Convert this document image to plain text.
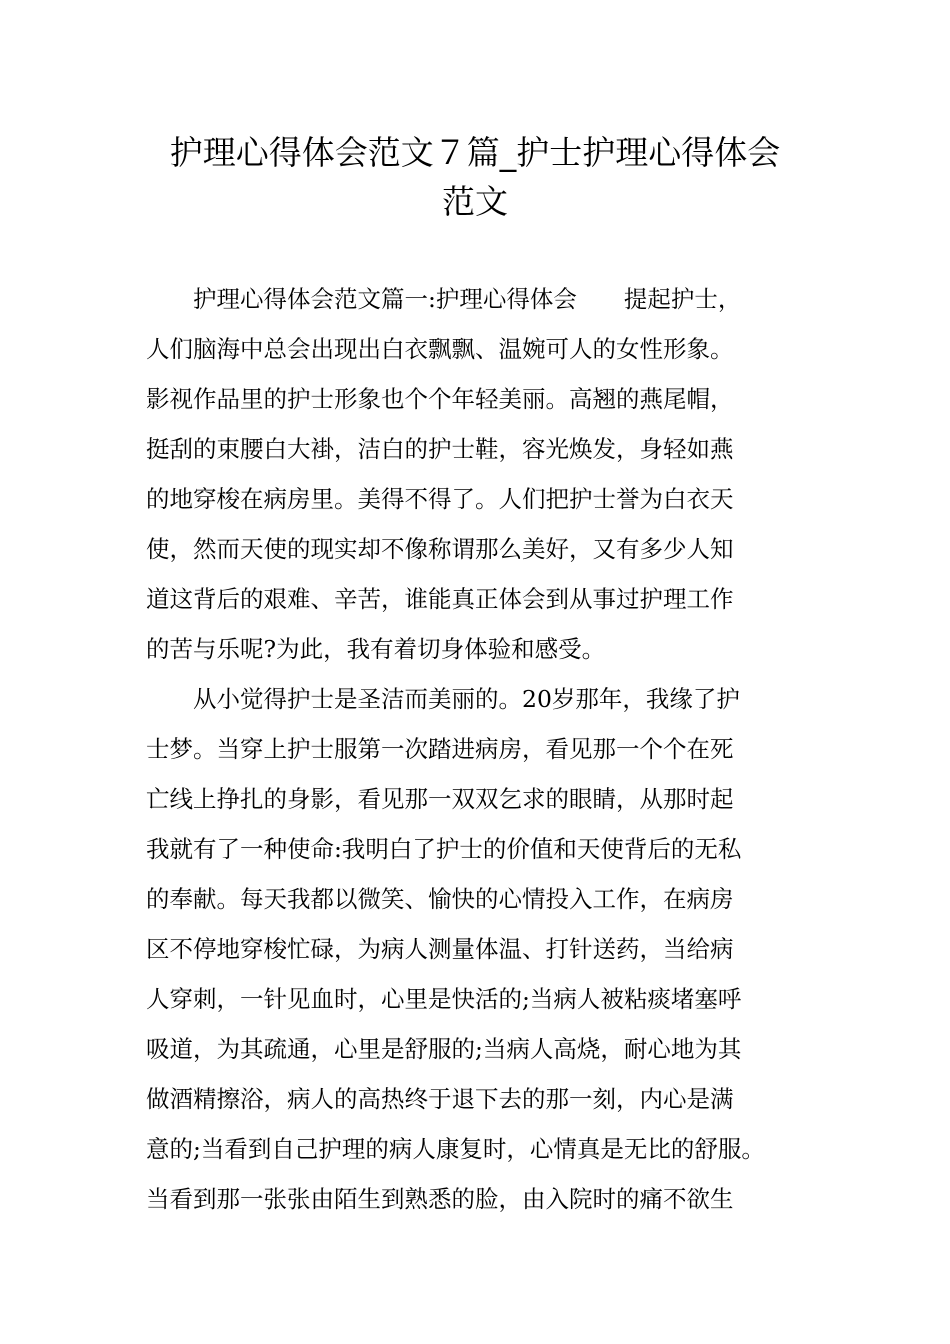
护理心得体会范文７篇_护士护理心得体会
范文

　　护理心得体会范文篇一:护理心得体会　　提起护士，

人们脑海中总会出现出白衣飘飘、温婉可人的女性形象。

影视作品里的护士形象也个个年轻美丽。高翘的燕尾帽，

挺刮的束腰白大褂，洁白的护士鞋，容光焕发，身轻如燕

的地穿梭在病房里。美得不得了。人们把护士誉为白衣天

使，然而天使的现实却不像称谓那么美好，又有多少人知

道这背后的艰难、辛苦，谁能真正体会到从事过护理工作

的苦与乐呢?为此，我有着切身体验和感受。

　　从小觉得护士是圣洁而美丽的。20岁那年，我缘了护

士梦。当穿上护士服第一次踏进病房，看见那一个个在死

亡线上挣扎的身影，看见那一双双乞求的眼睛，从那时起

我就有了一种使命:我明白了护士的价值和天使背后的无私

的奉献。每天我都以微笑、愉快的心情投入工作，在病房

区不停地穿梭忙碌，为病人测量体温、打针送药，当给病

人穿刺，一针见血时，心里是快活的;当病人被粘痰堵塞呼

吸道，为其疏通，心里是舒服的;当病人高烧，耐心地为其

做酒精擦浴，病人的高热终于退下去的那一刻，内心是满

意的;当看到自己护理的病人康复时，心情真是无比的舒服。

当看到那一张张由陌生到熟悉的脸，由入院时的痛不欲生
